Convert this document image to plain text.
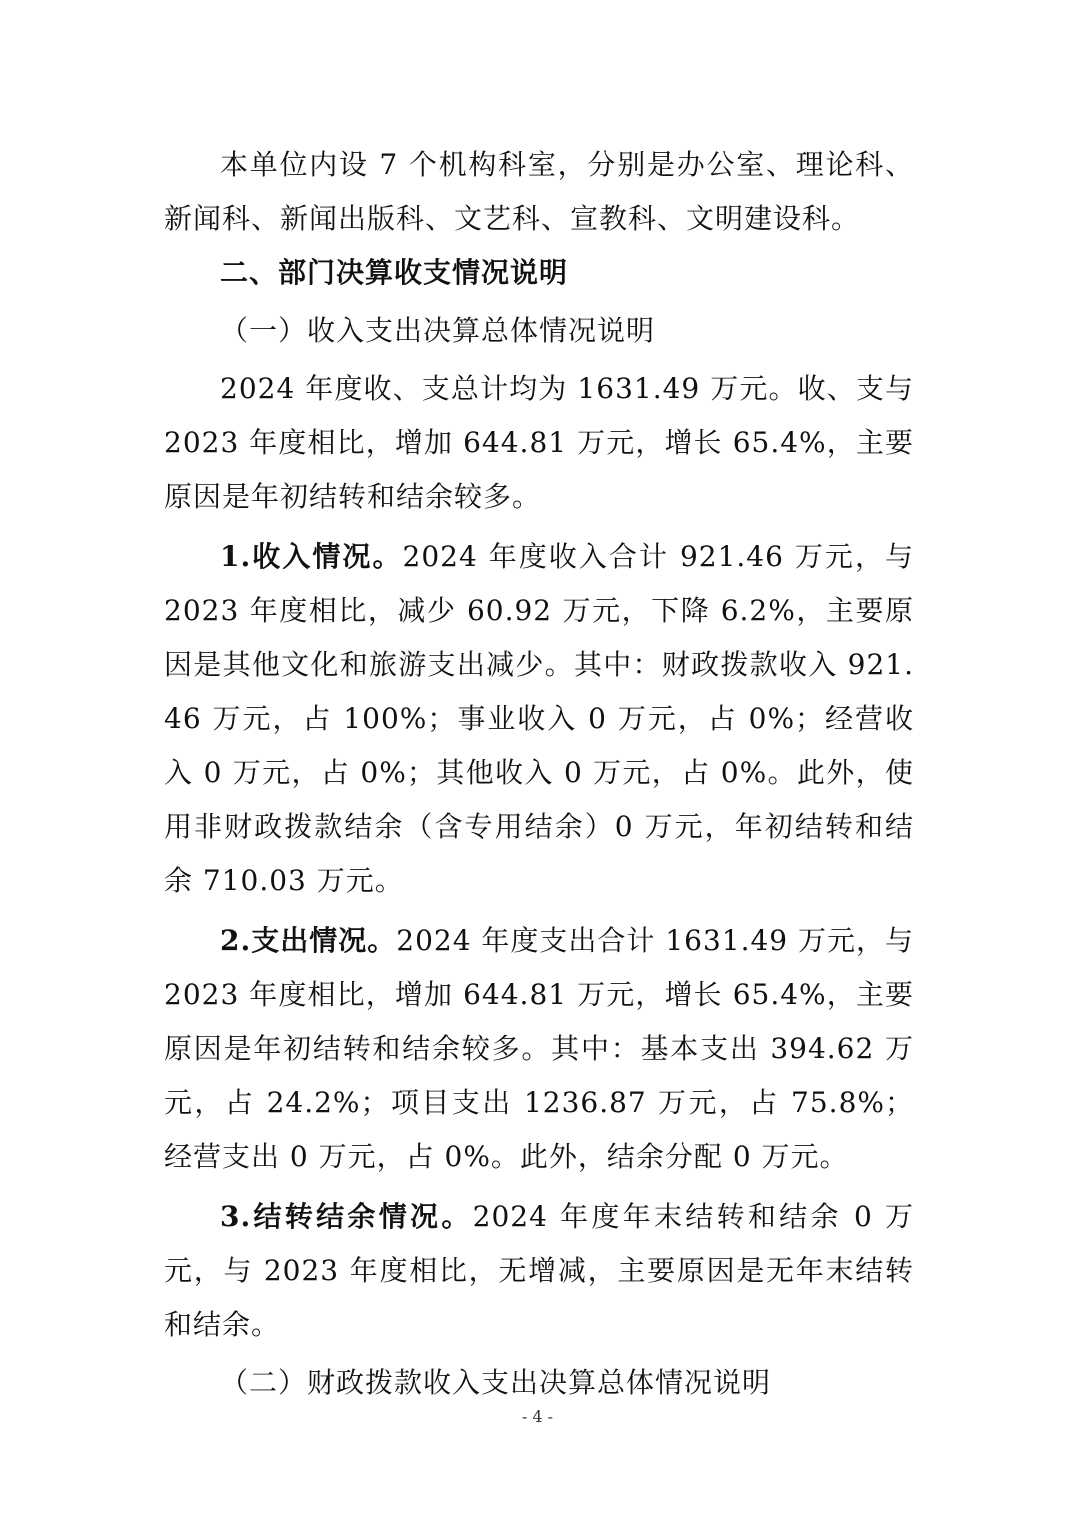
本单位内设 7 个机构科室，分别是办公室、理论科、新闻科、新闻出版科、文艺科、宣教科、文明建设科。

二、部门决算收支情况说明

（一）收入支出决算总体情况说明

2024 年度收、支总计均为 1631.49 万元。收、支与 2023 年度相比，增加 644.81 万元，增长 65.4%，主要原因是年初结转和结余较多。

1.收入情况。2024 年度收入合计 921.46 万元，与 2023 年度相比，减少 60.92 万元，下降 6.2%，主要原因是其他文化和旅游支出减少。其中：财政拨款收入 921.46 万元，占 100%；事业收入 0 万元，占 0%；经营收入 0 万元，占 0%；其他收入 0 万元，占 0%。此外，使用非财政拨款结余（含专用结余）0 万元，年初结转和结余 710.03 万元。

2.支出情况。2024 年度支出合计 1631.49 万元，与 2023 年度相比，增加 644.81 万元，增长 65.4%，主要原因是年初结转和结余较多。其中：基本支出 394.62 万元，占 24.2%；项目支出 1236.87 万元，占 75.8%；经营支出 0 万元，占 0%。此外，结余分配 0 万元。

3.结转结余情况。2024 年度年末结转和结余 0 万元，与 2023 年度相比，无增减，主要原因是无年末结转和结余。

（二）财政拨款收入支出决算总体情况说明

- 4 -
